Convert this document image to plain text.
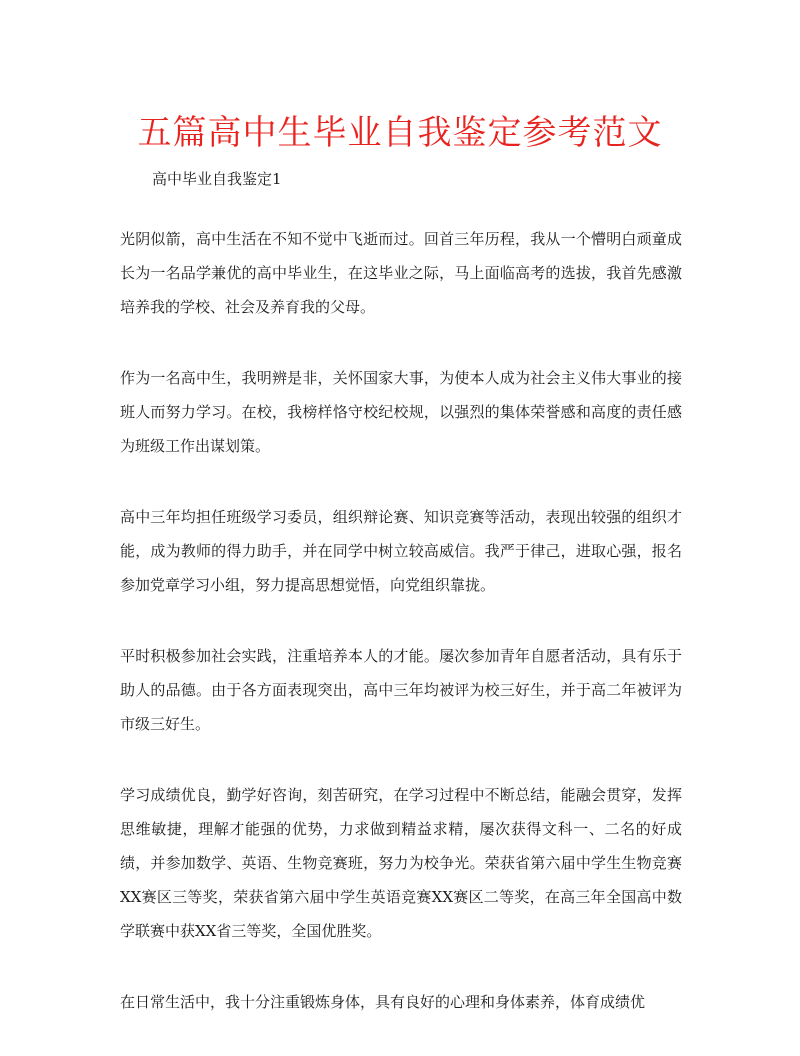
五篇高中生毕业自我鉴定参考范文

高中毕业自我鉴定1

光阴似箭，高中生活在不知不觉中飞逝而过。回首三年历程，我从一个懵明白顽童成长为一名品学兼优的高中毕业生，在这毕业之际，马上面临高考的选拔，我首先感激培养我的学校、社会及养育我的父母。

作为一名高中生，我明辨是非，关怀国家大事，为使本人成为社会主义伟大事业的接班人而努力学习。在校，我榜样恪守校纪校规，以强烈的集体荣誉感和高度的责任感为班级工作出谋划策。

高中三年均担任班级学习委员，组织辩论赛、知识竞赛等活动，表现出较强的组织才能，成为教师的得力助手，并在同学中树立较高威信。我严于律己，进取心强，报名参加党章学习小组，努力提高思想觉悟，向党组织靠拢。

平时积极参加社会实践，注重培养本人的才能。屡次参加青年自愿者活动，具有乐于助人的品德。由于各方面表现突出，高中三年均被评为校三好生，并于高二年被评为市级三好生。

学习成绩优良，勤学好咨询，刻苦研究，在学习过程中不断总结，能融会贯穿，发挥思维敏捷，理解才能强的优势，力求做到精益求精，屡次获得文科一、二名的好成绩，并参加数学、英语、生物竞赛班，努力为校争光。荣获省第六届中学生生物竞赛XX赛区三等奖，荣获省第六届中学生英语竞赛XX赛区二等奖，在高三年全国高中数学联赛中获XX省三等奖，全国优胜奖。

在日常生活中，我十分注重锻炼身体，具有良好的心理和身体素养，体育成绩优
